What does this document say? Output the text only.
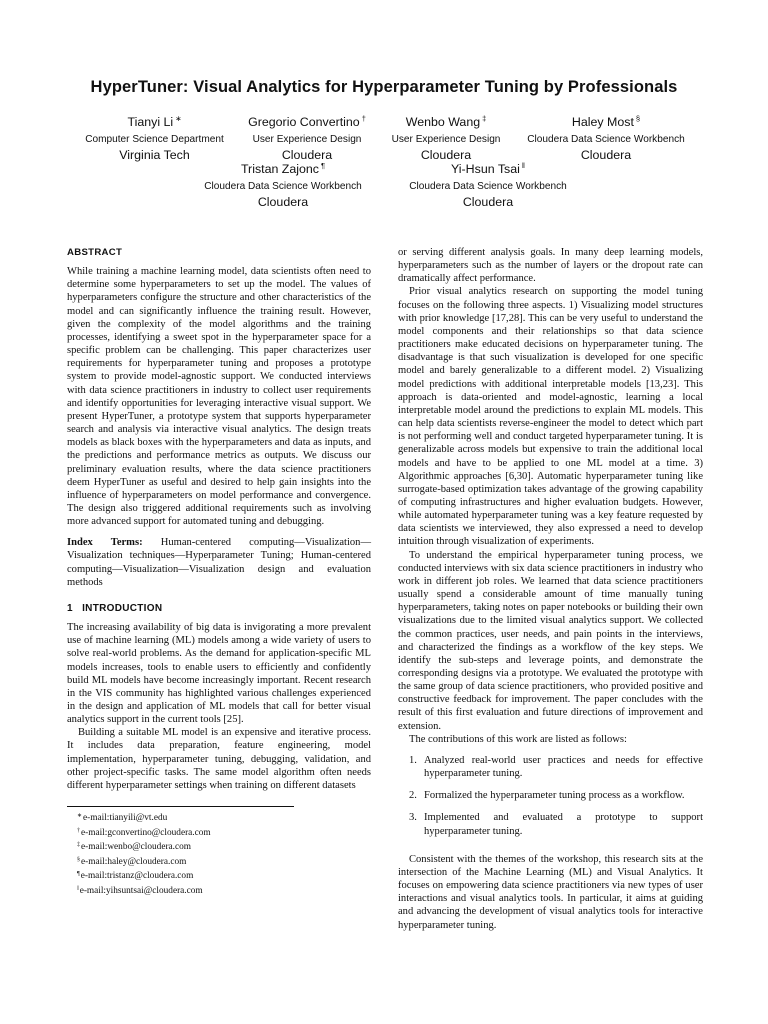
HyperTuner: Visual Analytics for Hyperparameter Tuning by Professionals
Tianyi Li ∗
Computer Science Department
Virginia Tech
Gregorio Convertino †
User Experience Design
Cloudera
Wenbo Wang ‡
User Experience Design
Cloudera
Haley Most §
Cloudera Data Science Workbench
Cloudera
Tristan Zajonc ¶
Cloudera Data Science Workbench
Cloudera
Yi-Hsun Tsai ‖
Cloudera Data Science Workbench
Cloudera
ABSTRACT

While training a machine learning model, data scientists often need to determine some hyperparameters to set up the model. The values of hyperparameters configure the structure and other characteristics of the model and can significantly influence the training result. However, given the complexity of the model algorithms and the training processes, identifying a sweet spot in the hyperparameter space for a specific problem can be challenging. This paper characterizes user requirements for hyperparameter tuning and proposes a prototype system to provide model-agnostic support. We conducted interviews with data science practitioners in industry to collect user requirements and identify opportunities for leveraging interactive visual support. We present HyperTuner, a prototype system that supports hyperparameter search and analysis via interactive visual analytics. The design treats models as black boxes with the hyperparameters and data as inputs, and the predictions and performance metrics as outputs. We discuss our preliminary evaluation results, where the data science practitioners deem HyperTuner as useful and desired to help gain insights into the influence of hyperparameters on model performance and convergence. The design also triggered additional requirements such as involving more advanced support for automated tuning and debugging.

Index Terms: Human-centered computing—Visualization—Visualization techniques—Hyperparameter Tuning; Human-centered computing—Visualization—Visualization design and evaluation methods

1   INTRODUCTION

The increasing availability of big data is invigorating a more prevalent use of machine learning (ML) models among a wide variety of users to solve real-world problems. As the demand for application-specific ML models increases, tools to enable users to efficiently and confidently build ML models have become increasingly important. Recent research in the VIS community has highlighted various challenges experienced in the design and application of ML models that call for better visual analytics support in the current tools [25].

Building a suitable ML model is an expensive and iterative process. It includes data preparation, feature engineering, model implementation, hyperparameter tuning, debugging, validation, and other project-specific tasks. The same model algorithm often needs different hyperparameter settings when training on different datasets

∗e-mail:tianyili@vt.edu
†e-mail:gconvertino@cloudera.com
‡e-mail:wenbo@cloudera.com
§e-mail:haley@cloudera.com
¶e-mail:tristanz@cloudera.com
‖e-mail:yihsuntsai@cloudera.com

or serving different analysis goals. In many deep learning models, hyperparameters such as the number of layers or the dropout rate can dramatically affect performance.

Prior visual analytics research on supporting the model tuning focuses on the following three aspects. 1) Visualizing model structures with prior knowledge [17,28]. This can be very useful to understand the model components and their relationships so that data science practitioners make educated decisions on hyperparameter tuning. The disadvantage is that such visualization is developed for one specific model and barely generalizable to a different model. 2) Visualizing model predictions with additional interpretable models [13,23]. This approach is data-oriented and model-agnostic, learning a local interpretable model around the predictions to explain ML models. This can help data scientists reverse-engineer the model to detect which part is not performing well and conduct targeted hyperparameter tuning. It is generalizable across models but expensive to train the additional local models and have to be applied to one ML model at a time. 3) Algorithmic approaches [6,30]. Automatic hyperparameter tuning like surrogate-based optimization takes advantage of the growing capability of computing infrastructures and higher evaluation budgets. However, while automated hyperparameter tuning was a key feature requested by data scientists we interviewed, they also expressed a need to develop intuition through visualization of experiments.

To understand the empirical hyperparameter tuning process, we conducted interviews with six data science practitioners in industry who work in different job roles. We learned that data science practitioners usually spend a considerable amount of time manually tuning hyperparameters, taking notes on paper notebooks or building their own visualizations due to the limited visual analytics support. We collected the common practices, user needs, and pain points in the interviews, and characterized the findings as a workflow of the key steps. We identify the sub-steps and leverage points, and demonstrate the corresponding designs via a prototype. We evaluated the prototype with the same group of data science practitioners, who provided positive and constructive feedback for improvement. The paper concludes with the result of this first evaluation and future directions of improvement and extension.

The contributions of this work are listed as follows:

1. Analyzed real-world user practices and needs for effective hyperparameter tuning.
2. Formalized the hyperparameter tuning process as a workflow.
3. Implemented and evaluated a prototype to support hyperparameter tuning.

Consistent with the themes of the workshop, this research sits at the intersection of the Machine Learning (ML) and Visual Analytics. It focuses on empowering data science practitioners via new types of user interactions and visual analytics tools. In particular, it aims at guiding and advancing the development of visual analytics tools for interactive hyperparameter tuning.
